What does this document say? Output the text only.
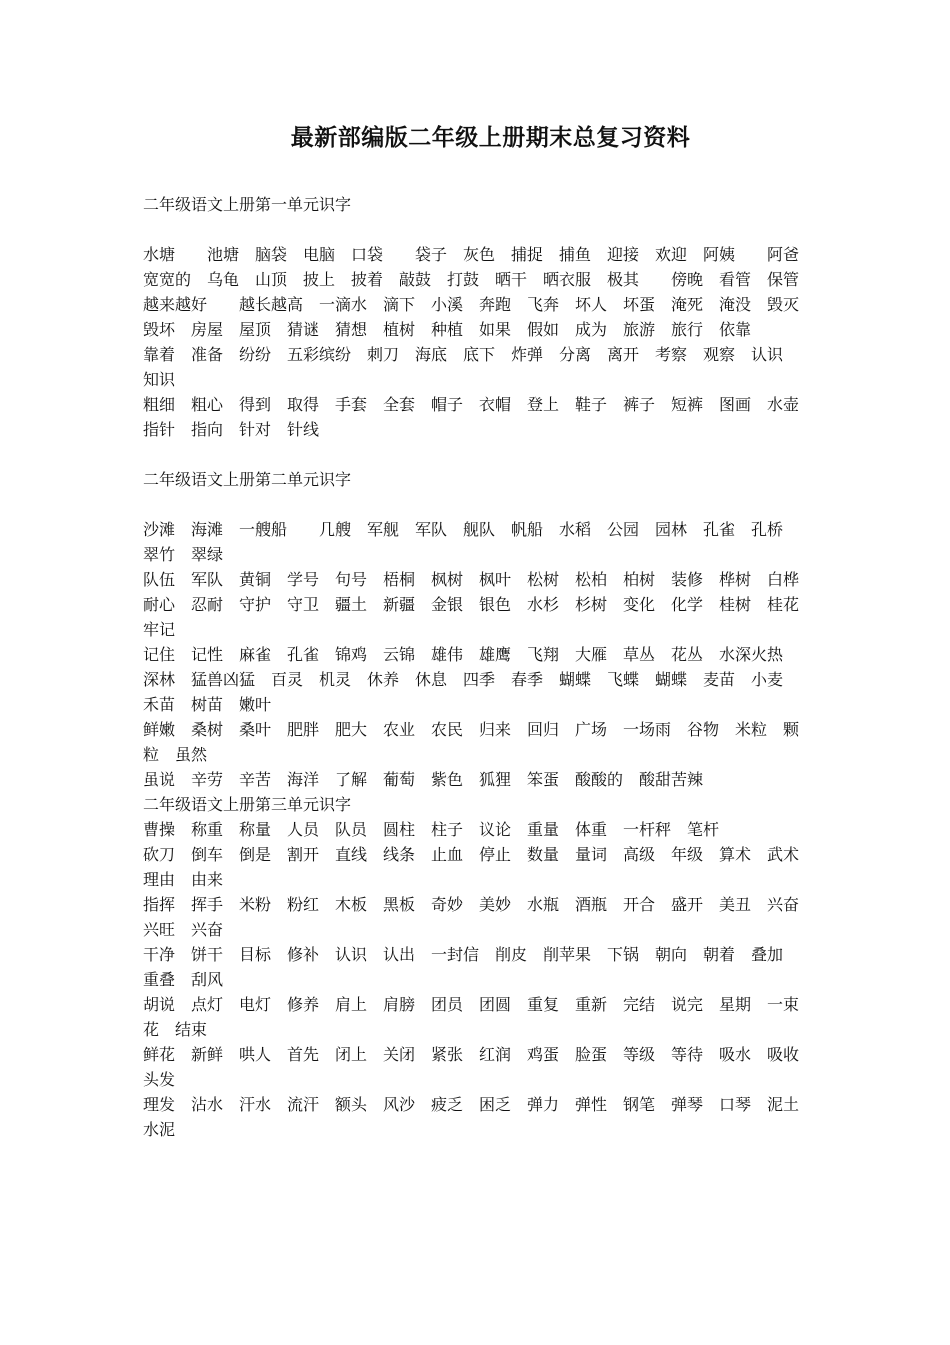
最新部编版二年级上册期末总复习资料

二年级语文上册第一单元识字

水塘　　池塘　脑袋　电脑　口袋　　袋子　灰色　捕捉　捕鱼　迎接　欢迎　阿姨　　阿爸　宽宽的　乌龟　山顶　披上　披着　敲鼓　打鼓　晒干　晒衣服　极其　　傍晚　看管　保管　越来越好　　越长越高　一滴水　滴下　小溪　奔跑　飞奔　坏人　坏蛋　淹死　淹没　毁灭　毁坏　房屋　屋顶　猜谜　猜想　植树　种植　如果　假如　成为　旅游　旅行　依靠

靠着　准备　纷纷　五彩缤纷　刺刀　海底　底下　炸弹　分离　离开　考察　观察　认识　知识

粗细　粗心　得到　取得　手套　全套　帽子　衣帽　登上　鞋子　裤子　短裤　图画　水壶

指针　指向　针对　针线

二年级语文上册第二单元识字

沙滩　海滩　一艘船　　几艘　军舰　军队　舰队　帆船　水稻　公园　园林　孔雀　孔桥　翠竹　翠绿

队伍　军队　黄铜　学号　句号　梧桐　枫树　枫叶　松树　松柏　柏树　装修　桦树　白桦

耐心　忍耐　守护　守卫　疆土　新疆　金银　银色　水杉　杉树　变化　化学　桂树　桂花　牢记

记住　记性　麻雀　孔雀　锦鸡　云锦　雄伟　雄鹰　飞翔　大雁　草丛　花丛　水深火热　深林　猛兽凶猛　百灵　机灵　休养　休息　四季　春季　蝴蝶　飞蝶　蝴蝶　麦苗　小麦　禾苗　树苗　嫩叶

鲜嫩　桑树　桑叶　肥胖　肥大　农业　农民　归来　回归　广场　一场雨　谷物　米粒　颗粒　虽然

虽说　辛劳　辛苦　海洋　了解　葡萄　紫色　狐狸　笨蛋　酸酸的　酸甜苦辣

二年级语文上册第三单元识字

曹操　称重　称量　人员　队员　圆柱　柱子　议论　重量　体重　一杆秤　笔杆

砍刀　倒车　倒是　割开　直线　线条　止血　停止　数量　量词　高级　年级　算术　武术　理由　由来

指挥　挥手　米粉　粉红　木板　黑板　奇妙　美妙　水瓶　酒瓶　开合　盛开　美丑　兴奋　兴旺　兴奋

干净　饼干　目标　修补　认识　认出　一封信　削皮　削苹果　下锅　朝向　朝着　叠加　重叠　刮风

胡说　点灯　电灯　修养　肩上　肩膀　团员　团圆　重复　重新　完结　说完　星期　一束花　结束

鲜花　新鲜　哄人　首先　闭上　关闭　紧张　红润　鸡蛋　脸蛋　等级　等待　吸水　吸收　头发

理发　沾水　汗水　流汗　额头　风沙　疲乏　困乏　弹力　弹性　钢笔　弹琴　口琴　泥土　水泥
